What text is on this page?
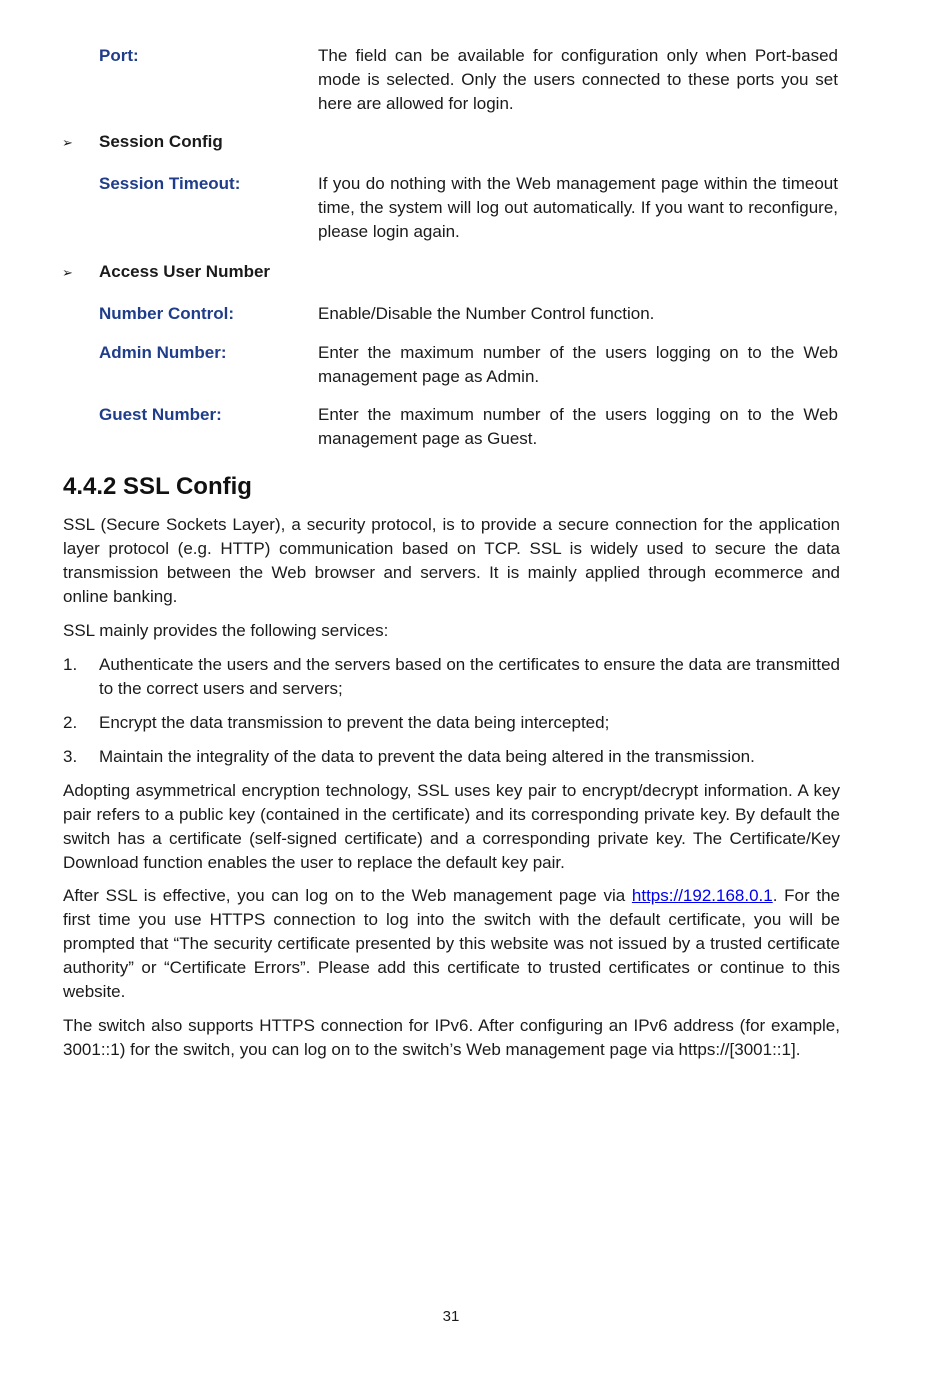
Port:	The field can be available for configuration only when Port-based mode is selected. Only the users connected to these ports you set here are allowed for login.
➢ Session Config
Session Timeout:	If you do nothing with the Web management page within the timeout time, the system will log out automatically. If you want to reconfigure, please login again.
➢ Access User Number
Number Control:	Enable/Disable the Number Control function.
Admin Number:	Enter the maximum number of the users logging on to the Web management page as Admin.
Guest Number:	Enter the maximum number of the users logging on to the Web management page as Guest.
4.4.2 SSL Config
SSL (Secure Sockets Layer), a security protocol, is to provide a secure connection for the application layer protocol (e.g. HTTP) communication based on TCP. SSL is widely used to secure the data transmission between the Web browser and servers. It is mainly applied through ecommerce and online banking.
SSL mainly provides the following services:
1.	Authenticate the users and the servers based on the certificates to ensure the data are transmitted to the correct users and servers;
2.	Encrypt the data transmission to prevent the data being intercepted;
3.	Maintain the integrality of the data to prevent the data being altered in the transmission.
Adopting asymmetrical encryption technology, SSL uses key pair to encrypt/decrypt information. A key pair refers to a public key (contained in the certificate) and its corresponding private key. By default the switch has a certificate (self-signed certificate) and a corresponding private key. The Certificate/Key Download function enables the user to replace the default key pair.
After SSL is effective, you can log on to the Web management page via https://192.168.0.1. For the first time you use HTTPS connection to log into the switch with the default certificate, you will be prompted that “The security certificate presented by this website was not issued by a trusted certificate authority” or “Certificate Errors”. Please add this certificate to trusted certificates or continue to this website.
The switch also supports HTTPS connection for IPv6. After configuring an IPv6 address (for example, 3001::1) for the switch, you can log on to the switch’s Web management page via https://[3001::1].
31
